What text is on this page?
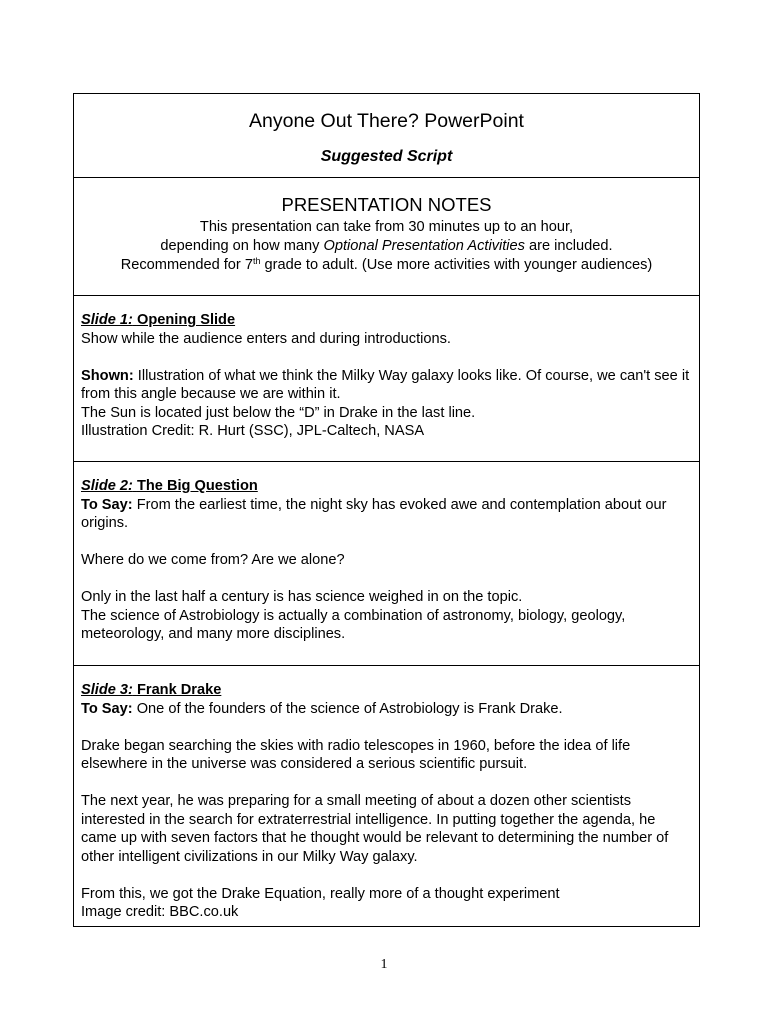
Anyone Out There? PowerPoint

Suggested Script

PRESENTATION NOTES

This presentation can take from 30 minutes up to an hour,

depending on how many Optional Presentation Activities are included.

Recommended for 7th grade to adult. (Use more activities with younger audiences)

Slide 1: Opening Slide

Show while the audience enters and during introductions.

Shown: Illustration of what we think the Milky Way galaxy looks like. Of course, we can't see it from this angle because we are within it.

The Sun is located just below the “D” in Drake in the last line.

Illustration Credit: R. Hurt (SSC), JPL-Caltech, NASA

Slide 2: The Big Question

To Say: From the earliest time, the night sky has evoked awe and contemplation about our origins.

Where do we come from? Are we alone?

Only in the last half a century is has science weighed in on the topic.

The science of Astrobiology is actually a combination of astronomy, biology, geology, meteorology, and many more disciplines.

Slide 3: Frank Drake

To Say: One of the founders of the science of Astrobiology is Frank Drake.

Drake began searching the skies with radio telescopes in 1960, before the idea of life elsewhere in the universe was considered a serious scientific pursuit.

The next year, he was preparing for a small meeting of about a dozen other scientists interested in the search for extraterrestrial intelligence. In putting together the agenda, he came up with seven factors that he thought would be relevant to determining the number of other intelligent civilizations in our Milky Way galaxy.

From this, we got the Drake Equation, really more of a thought experiment

Image credit: BBC.co.uk

1
